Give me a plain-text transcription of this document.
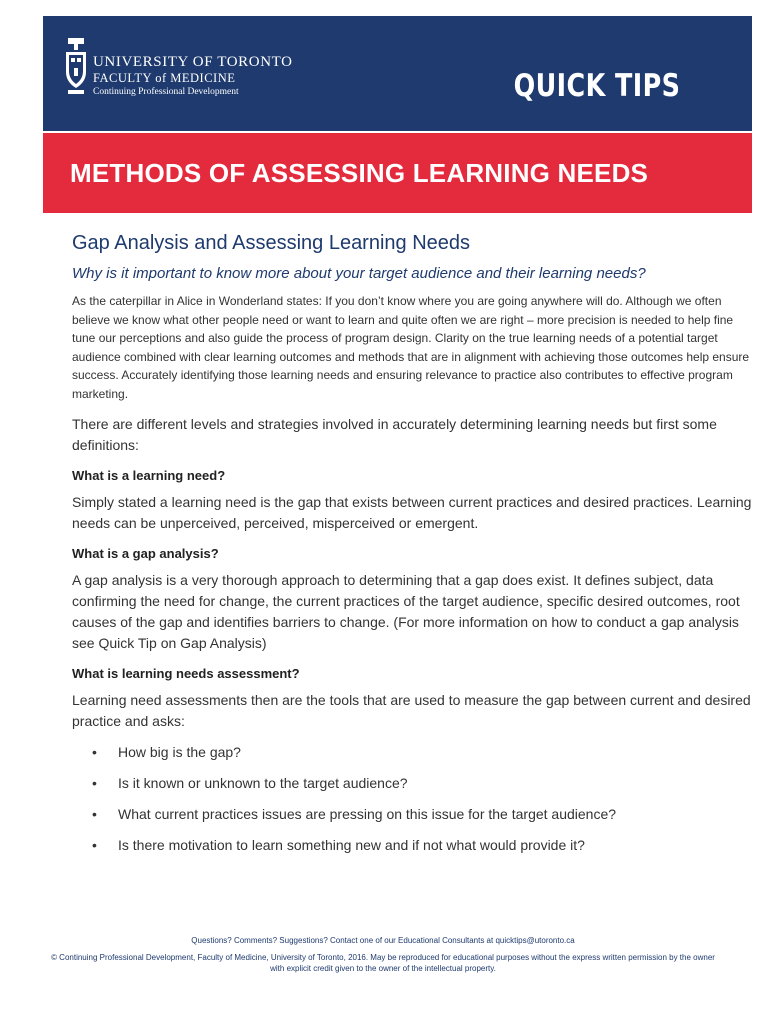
UNIVERSITY OF TORONTO
FACULTY of MEDICINE
Continuing Professional Development	QUICK TIPS
METHODS OF ASSESSING LEARNING NEEDS
Gap Analysis and Assessing Learning Needs
Why is it important to know more about your target audience and their learning needs?

As the caterpillar in Alice in Wonderland states: If you don’t know where you are going anywhere will do. Although we often believe we know what other people need or want to learn and quite often we are right – more precision is needed to help fine tune our perceptions and also guide the process of program design. Clarity on the true learning needs of a potential target audience combined with clear learning outcomes and methods that are in alignment with achieving those outcomes help ensure success. Accurately identifying those learning needs and ensuring relevance to practice also contributes to effective program marketing.

There are different levels and strategies involved in accurately determining learning needs but first some definitions:

What is a learning need?

Simply stated a learning need is the gap that exists between current practices and desired practices. Learning needs can be unperceived, perceived, misperceived or emergent.

What is a gap analysis?

A gap analysis is a very thorough approach to determining that a gap does exist. It defines subject, data confirming the need for change, the current practices of the target audience, specific desired outcomes, root causes of the gap and identifies barriers to change. (For more information on how to conduct a gap analysis see Quick Tip on Gap Analysis)

What is learning needs assessment?

Learning need assessments then are the tools that are used to measure the gap between current and desired practice and asks:

• How big is the gap?
• Is it known or unknown to the target audience?
• What current practices issues are pressing on this issue for the target audience?
• Is there motivation to learn something new and if not what would provide it?
Questions? Comments? Suggestions? Contact one of our Educational Consultants at quicktips@utoronto.ca
© Continuing Professional Development, Faculty of Medicine, University of Toronto, 2016. May be reproduced for educational purposes without the express written permission by the owner with explicit credit given to the owner of the intellectual property.
